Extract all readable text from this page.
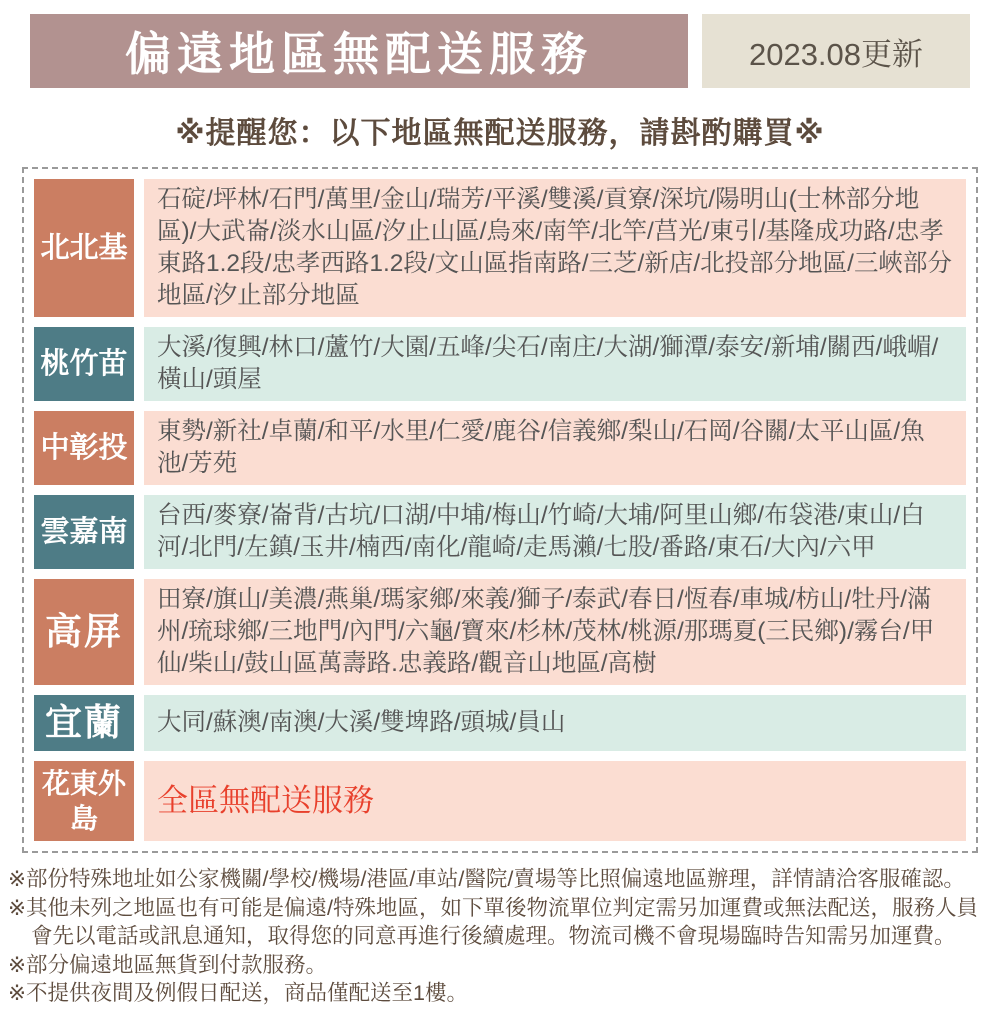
偏遠地區無配送服務	2023.08更新
※提醒您：以下地區無配送服務，請斟酌購買※
北北基
石碇/坪林/石門/萬里/金山/瑞芳/平溪/雙溪/貢寮/深坑/陽明山(士林部分地區)/大武崙/淡水山區/汐止山區/烏來/南竿/北竿/莒光/東引/基隆成功路/忠孝東路1.2段/忠孝西路1.2段/文山區指南路/三芝/新店/北投部分地區/三峽部分地區/汐止部分地區
桃竹苗
大溪/復興/林口/蘆竹/大園/五峰/尖石/南庄/大湖/獅潭/泰安/新埔/關西/峨嵋/橫山/頭屋
中彰投
東勢/新社/卓蘭/和平/水里/仁愛/鹿谷/信義鄉/梨山/石岡/谷關/太平山區/魚池/芳苑
雲嘉南
台西/麥寮/崙背/古坑/口湖/中埔/梅山/竹崎/大埔/阿里山鄉/布袋港/東山/白河/北門/左鎮/玉井/楠西/南化/龍崎/走馬瀨/七股/番路/東石/大內/六甲
高屏
田寮/旗山/美濃/燕巢/瑪家鄉/來義/獅子/泰武/春日/恆春/車城/枋山/牡丹/滿州/琉球鄉/三地門/內門/六龜/寶來/杉林/茂林/桃源/那瑪夏(三民鄉)/霧台/甲仙/柴山/鼓山區萬壽路.忠義路/觀音山地區/高樹
宜蘭	大同/蘇澳/南澳/大溪/雙埤路/頭城/員山
花東外島
全區無配送服務
※部份特殊地址如公家機關/學校/機場/港區/車站/醫院/賣場等比照偏遠地區辦理，詳情請洽客服確認。
※其他未列之地區也有可能是偏遠/特殊地區，如下單後物流單位判定需另加運費或無法配送，服務人員會先以電話或訊息通知，取得您的同意再進行後續處理。物流司機不會現場臨時告知需另加運費。
※部分偏遠地區無貨到付款服務。
※不提供夜間及例假日配送，商品僅配送至1樓。
